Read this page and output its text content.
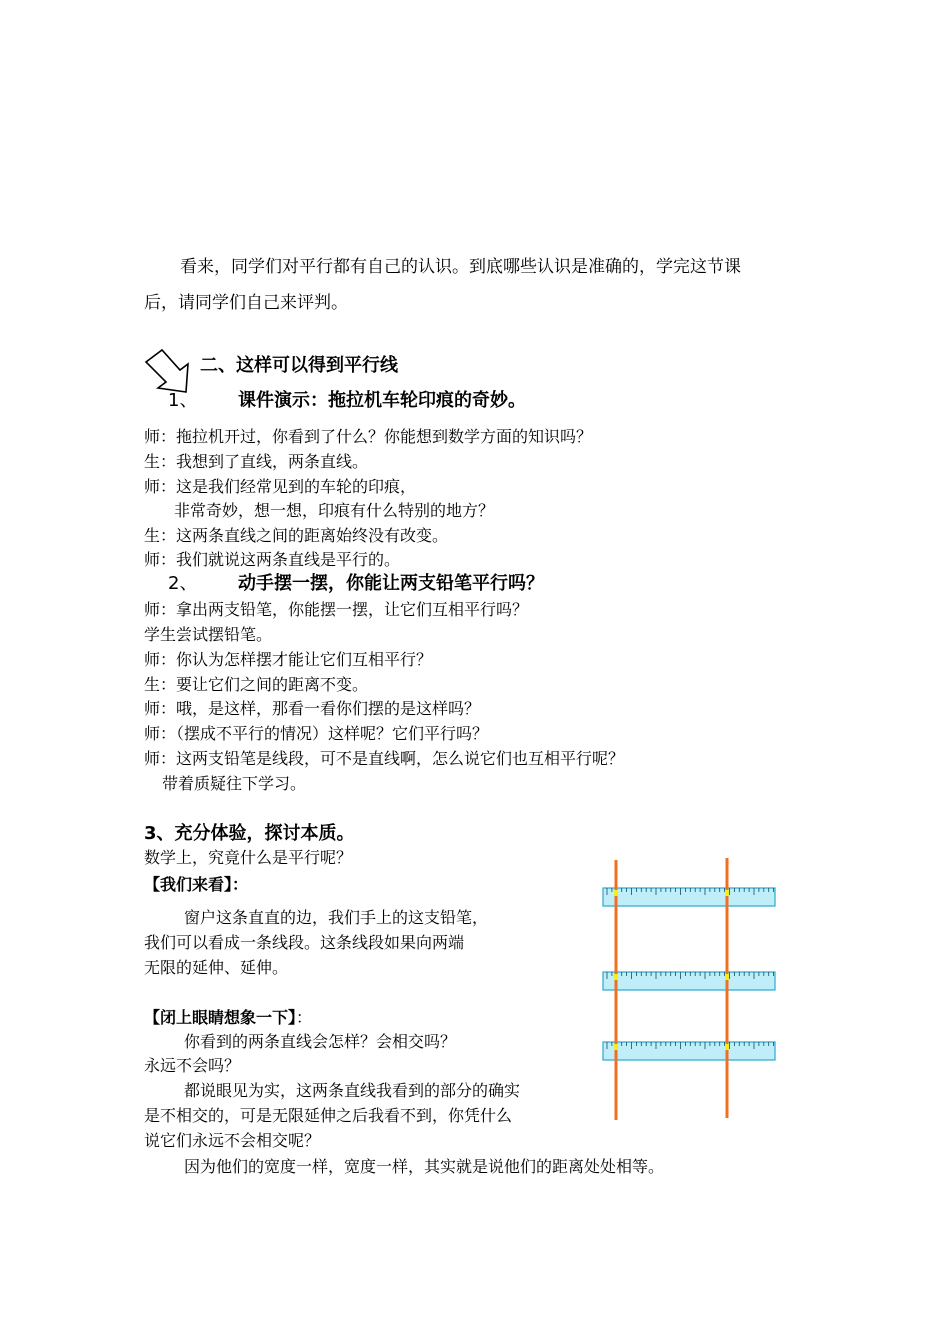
看来，同学们对平行都有自己的认识。到底哪些认识是准确的，学完这节课
后，请同学们自己来评判。
二、这样可以得到平行线
1、 课件演示：拖拉机车轮印痕的奇妙。
师：拖拉机开过，你看到了什么？你能想到数学方面的知识吗？
生：我想到了直线，两条直线。
师：这是我们经常见到的车轮的印痕，
非常奇妙，想一想，印痕有什么特别的地方？
生：这两条直线之间的距离始终没有改变。
师：我们就说这两条直线是平行的。
2、 动手摆一摆，你能让两支铅笔平行吗？
师：拿出两支铅笔，你能摆一摆，让它们互相平行吗？
学生尝试摆铅笔。
师：你认为怎样摆才能让它们互相平行？
生：要让它们之间的距离不变。
师：哦，是这样，那看一看你们摆的是这样吗？
师：（摆成不平行的情况）这样呢？它们平行吗？
师：这两支铅笔是线段，可不是直线啊，怎么说它们也互相平行呢？
带着质疑往下学习。
3、充分体验，探讨本质。
数学上，究竟什么是平行呢？
【我们来看】：
窗户这条直直的边，我们手上的这支铅笔，
我们可以看成一条线段。这条线段如果向两端
无限的延伸、延伸。
【闭上眼睛想象一下】：
你看到的两条直线会怎样？会相交吗？
永远不会吗？
都说眼见为实，这两条直线我看到的部分的确实
是不相交的，可是无限延伸之后我看不到，你凭什么
说它们永远不会相交呢？
因为他们的宽度一样，宽度一样，其实就是说他们的距离处处相等。
